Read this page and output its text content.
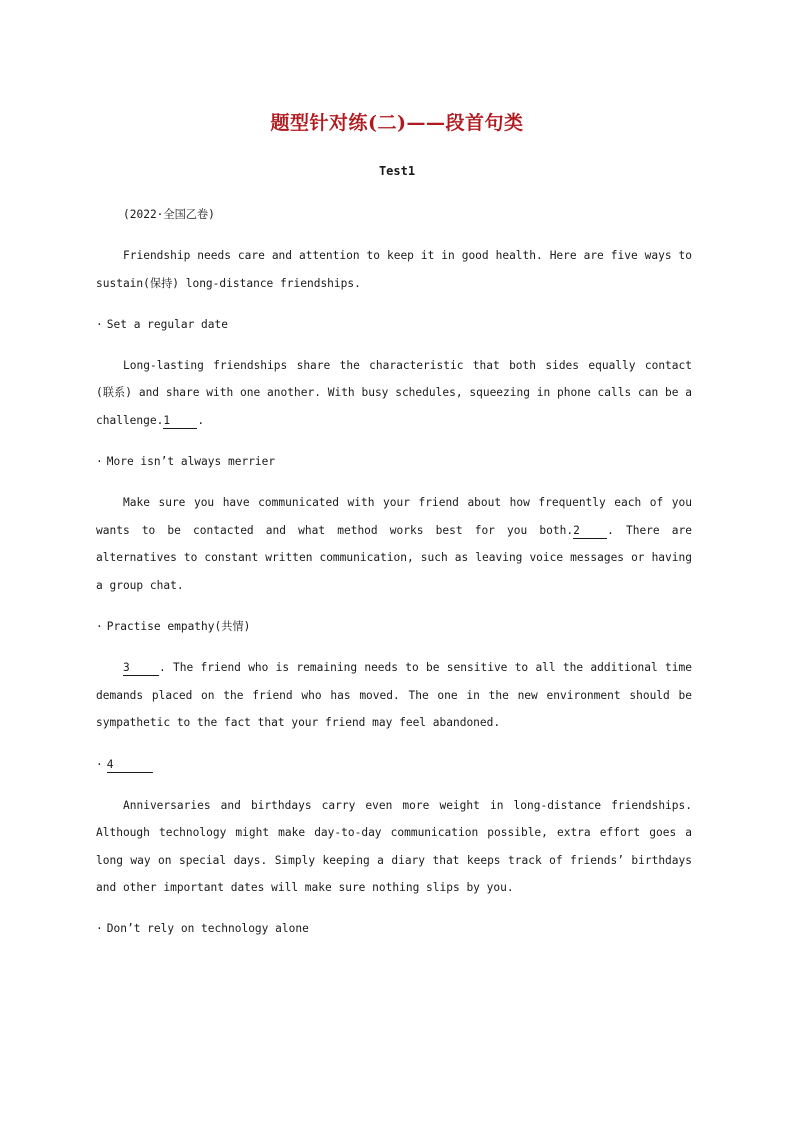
题型针对练(二)——段首句类
Test1

(2022·全国乙卷)

Friendship needs care and attention to keep it in good health. Here are five ways to sustain(保持) long-distance friendships.

· Set a regular date

Long-lasting friendships share the characteristic that both sides equally contact (联系) and share with one another. With busy schedules, squeezing in phone calls can be a challenge.1 .

· More isn’t always merrier

Make sure you have communicated with your friend about how frequently each of you wants to be contacted and what method works best for you both.2 . There are alternatives to constant written communication, such as leaving voice messages or having a group chat.

· Practise empathy(共情)

3	. The friend who is remaining needs to be sensitive to all the additional time demands placed on the friend who has moved. The one in the new environment should be sympathetic to the fact that your friend may feel abandoned.

· 4

Anniversaries and birthdays carry even more weight in long-distance friendships. Although technology might make day-to-day communication possible, extra effort goes a long way on special days. Simply keeping a diary that keeps track of friends’ birthdays and other important dates will make sure nothing slips by you.

· Don’t rely on technology alone
